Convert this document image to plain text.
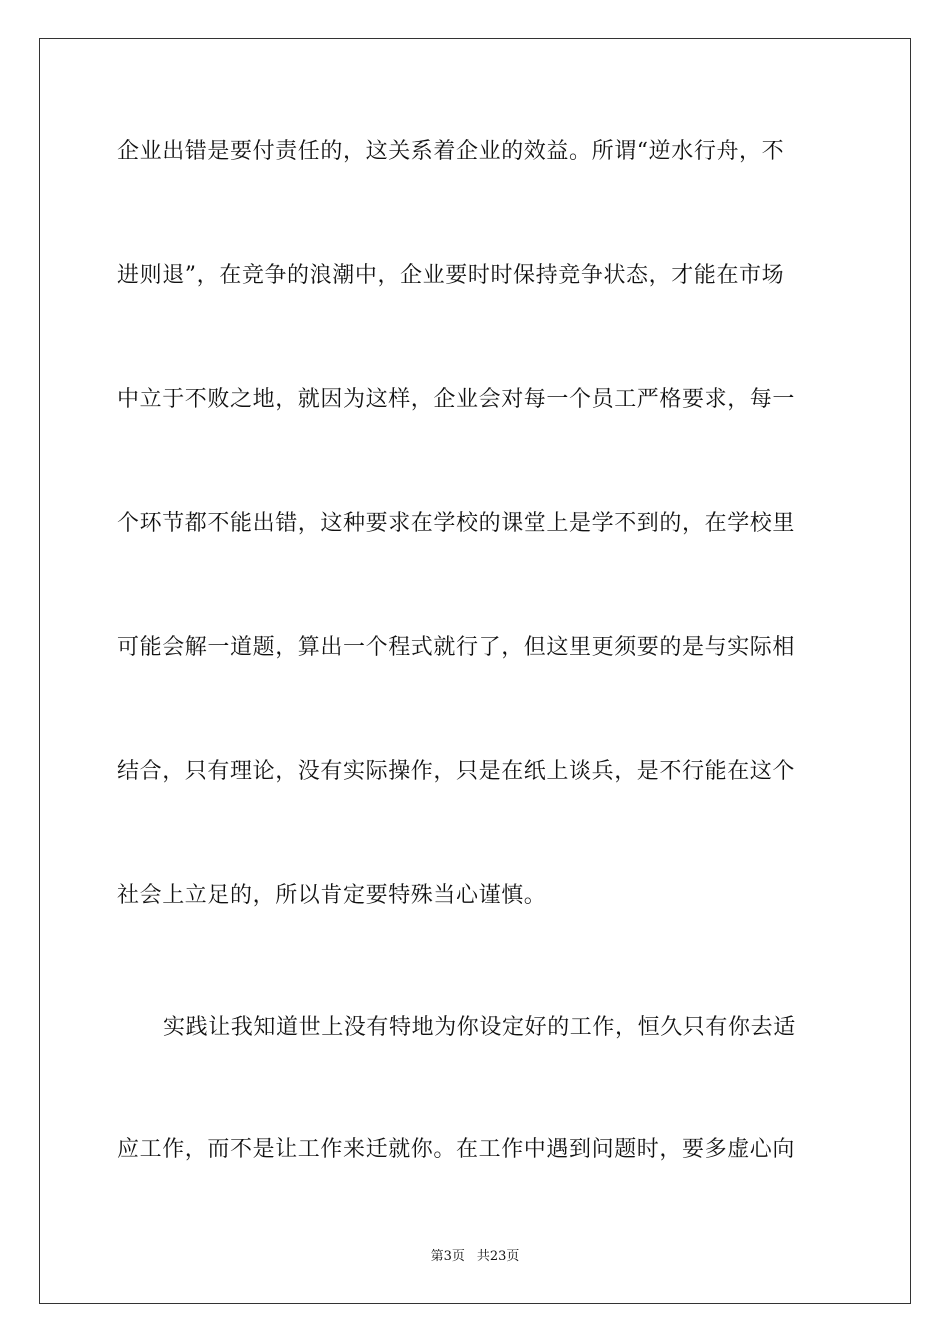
企业出错是要付责任的，这关系着企业的效益。所谓“逆水行舟，不
进则退”，在竞争的浪潮中，企业要时时保持竞争状态，才能在市场
中立于不败之地，就因为这样，企业会对每一个员工严格要求，每一
个环节都不能出错，这种要求在学校的课堂上是学不到的，在学校里
可能会解一道题，算出一个程式就行了，但这里更须要的是与实际相
结合，只有理论，没有实际操作，只是在纸上谈兵，是不行能在这个
社会上立足的，所以肯定要特殊当心谨慎。
实践让我知道世上没有特地为你设定好的工作，恒久只有你去适
应工作，而不是让工作来迁就你。在工作中遇到问题时，要多虚心向
第3页 共23页
